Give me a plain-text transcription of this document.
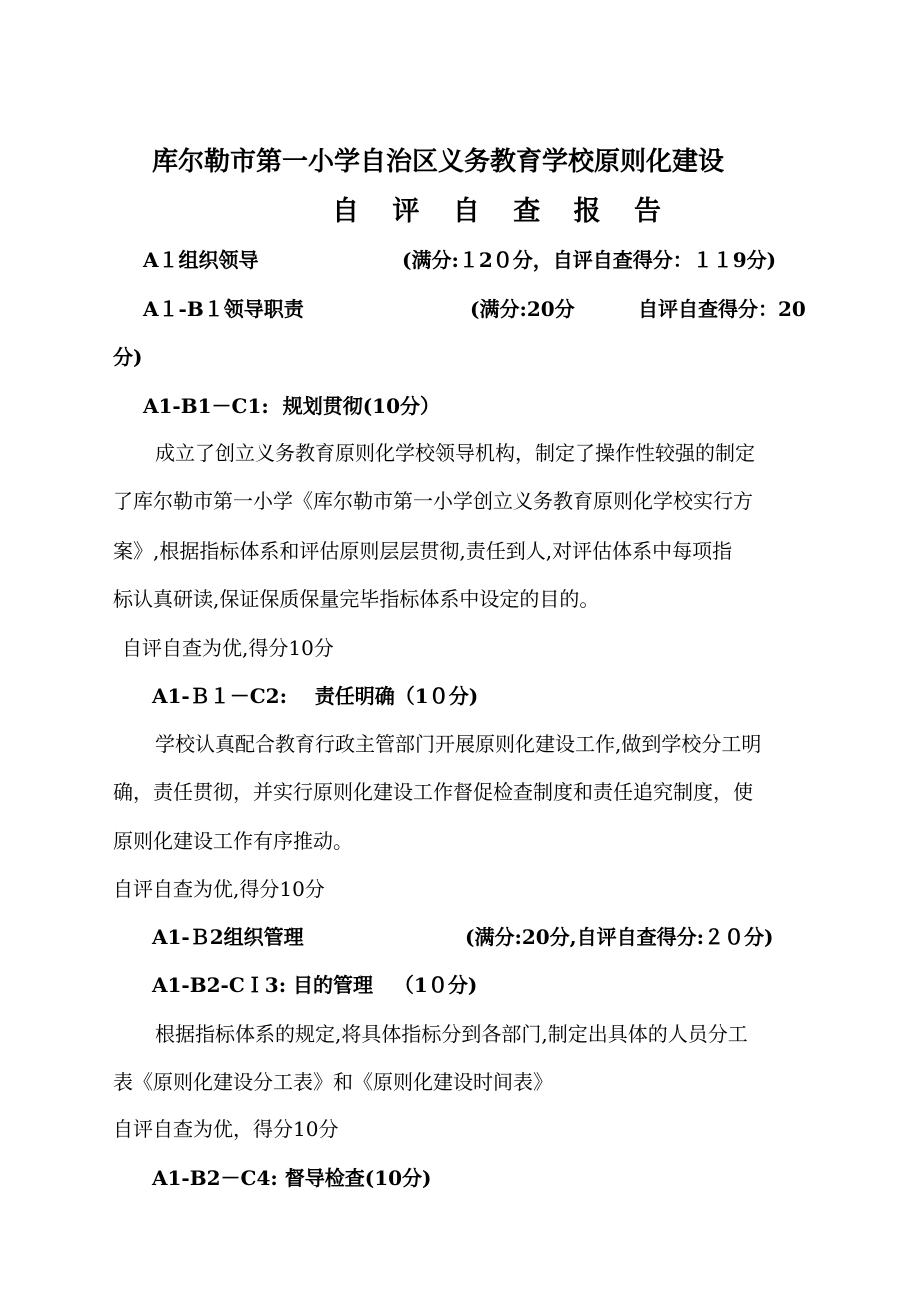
库尔勒市第一小学自治区义务教育学校原则化建设
自 评 自 查 报 告
A１组织领导	(满分:１2０分，自评自查得分：１１9分)
A１-B１领导职责	(满分:20分	自评自查得分：20
分)
A1-B1－C1:  规划贯彻(10分）
成立了创立义务教育原则化学校领导机构，制定了操作性较强的制定
了库尔勒市第一小学《库尔勒市第一小学创立义务教育原则化学校实行方
案》,根据指标体系和评估原则层层贯彻,责任到人,对评估体系中每项指
标认真研读,保证保质保量完毕指标体系中设定的目的。
自评自查为优,得分10分
A1-Ｂ１－C2:    责任明确（1０分)
学校认真配合教育行政主管部门开展原则化建设工作,做到学校分工明
确，责任贯彻，并实行原则化建设工作督促检查制度和责任追究制度，使
原则化建设工作有序推动。
自评自查为优,得分10分
A1-Ｂ2组织管理	(满分:20分,自评自查得分:２０分)
A1-B2-CＩ3: 目的管理   （1０分)
根据指标体系的规定,将具体指标分到各部门,制定出具体的人员分工
表《原则化建设分工表》和《原则化建设时间表》
自评自查为优，得分10分
A1-B2－C4: 督导检查(10分)
